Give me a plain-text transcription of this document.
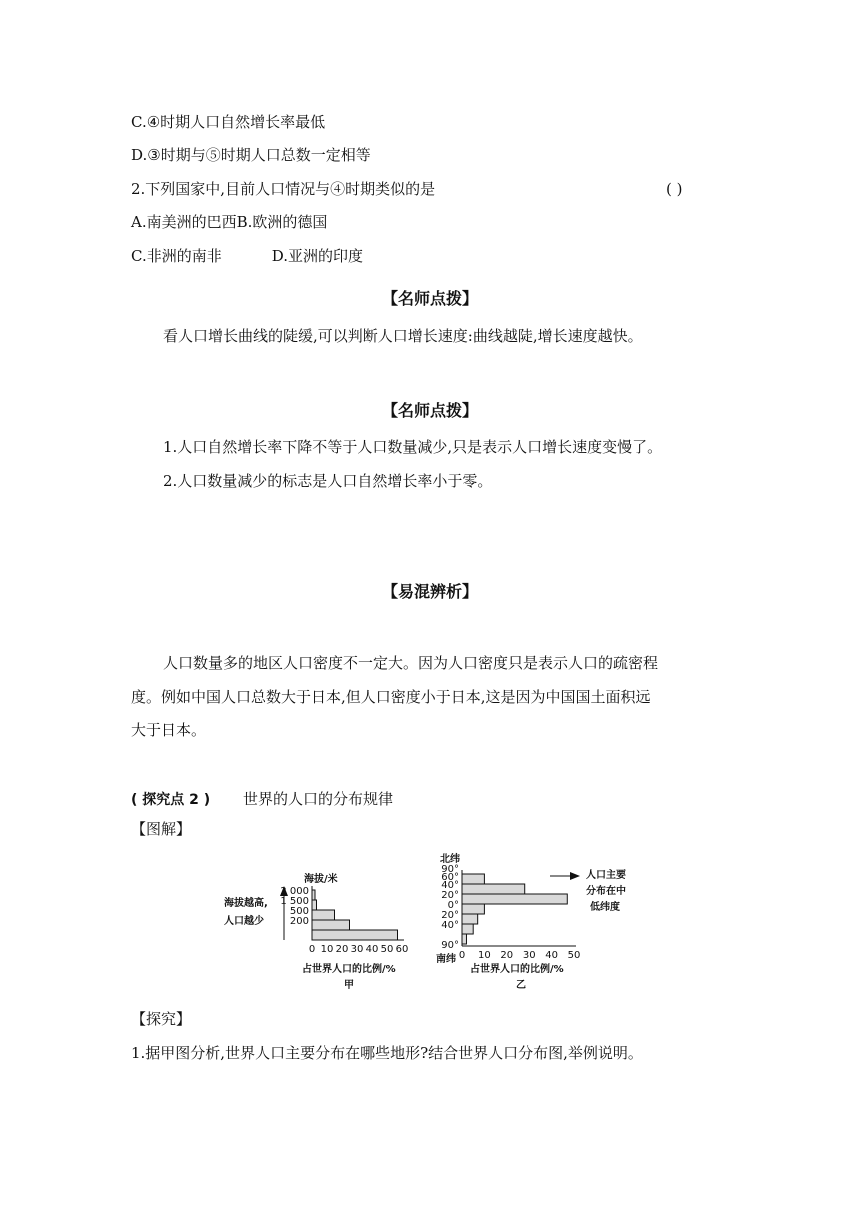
C.④时期人口自然增长率最低
D.③时期与⑤时期人口总数一定相等
2.下列国家中,目前人口情况与④时期类似的是	( )
A.南美洲的巴西B.欧洲的德国
C.非洲的南非	D.亚洲的印度
【名师点拨】
看人口增长曲线的陡缓,可以判断人口增长速度:曲线越陡,增长速度越快。
【名师点拨】
1.人口自然增长率下降不等于人口数量减少,只是表示人口增长速度变慢了。
2.人口数量减少的标志是人口自然增长率小于零。
【易混辨析】
人口数量多的地区人口密度不一定大。因为人口密度只是表示人口的疏密程
度。例如中国人口总数大于日本,但人口密度小于日本,这是因为中国国土面积远
大于日本。
( 探究点 2 ) 世界的人口的分布规律
【图解】
海拔越高,
人口越少
海拔/米
2 000
1 500
500
200
0 10 20 30 40 50 60
占世界人口的比例/%
甲
北纬
南纬
90°
60°
40°
20°
0°
20°
40°
90°
0 10 20 30 40 50
占世界人口的比例/%
乙
人口主要
分布在中
低纬度
【探究】
1.据甲图分析,世界人口主要分布在哪些地形?结合世界人口分布图,举例说明。
